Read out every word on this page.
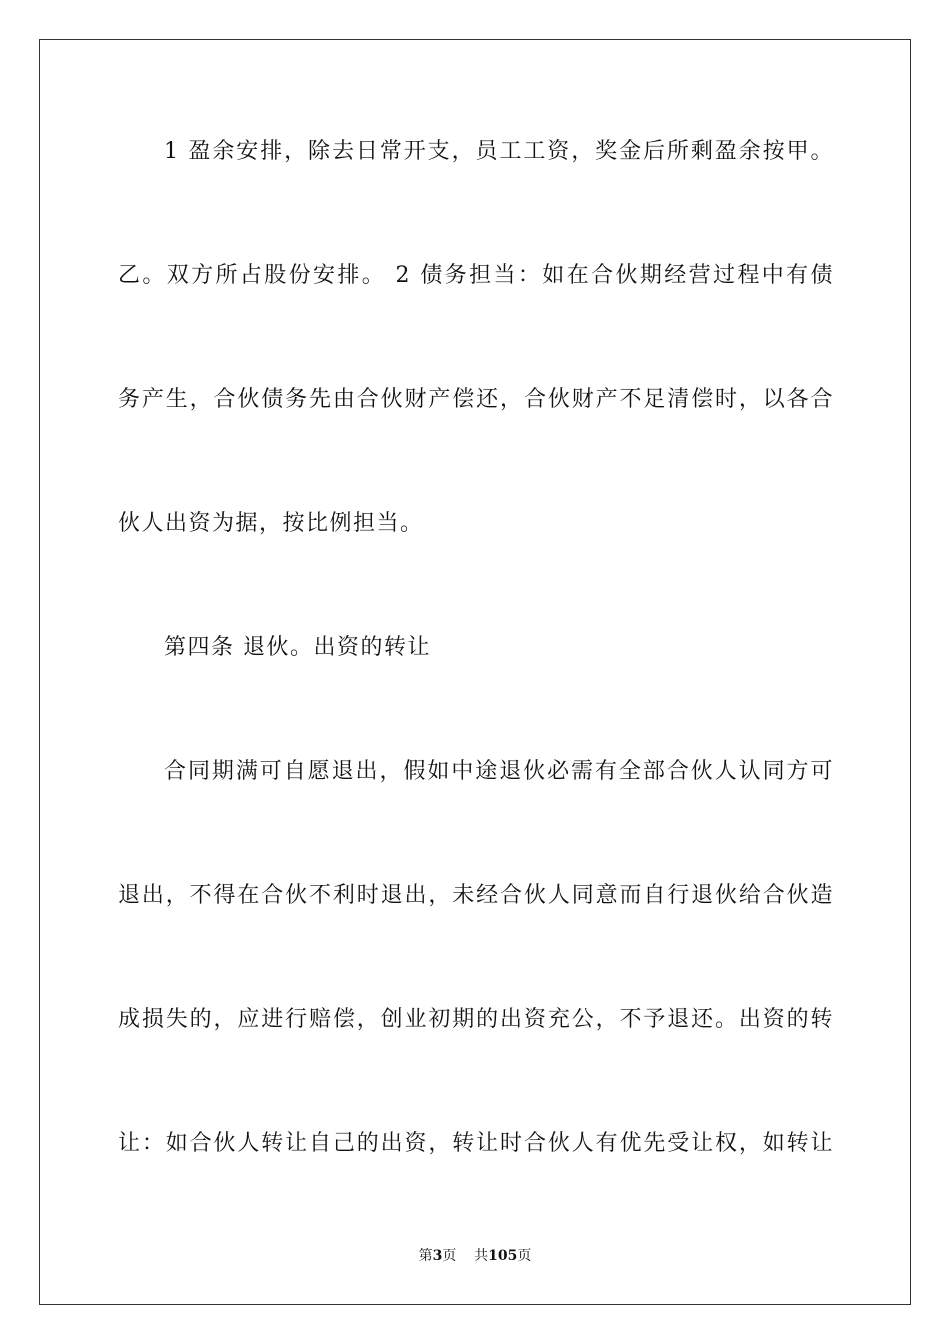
1 盈余安排，除去日常开支，员工工资，奖金后所剩盈余按甲。
乙。双方所占股份安排。 2 债务担当：如在合伙期经营过程中有债
务产生，合伙债务先由合伙财产偿还，合伙财产不足清偿时，以各合
伙人出资为据，按比例担当。
第四条 退伙。出资的转让
合同期满可自愿退出，假如中途退伙必需有全部合伙人认同方可
退出，不得在合伙不利时退出，未经合伙人同意而自行退伙给合伙造
成损失的，应进行赔偿，创业初期的出资充公，不予退还。出资的转
让：如合伙人转让自己的出资，转让时合伙人有优先受让权，如转让
第3页 共105页
